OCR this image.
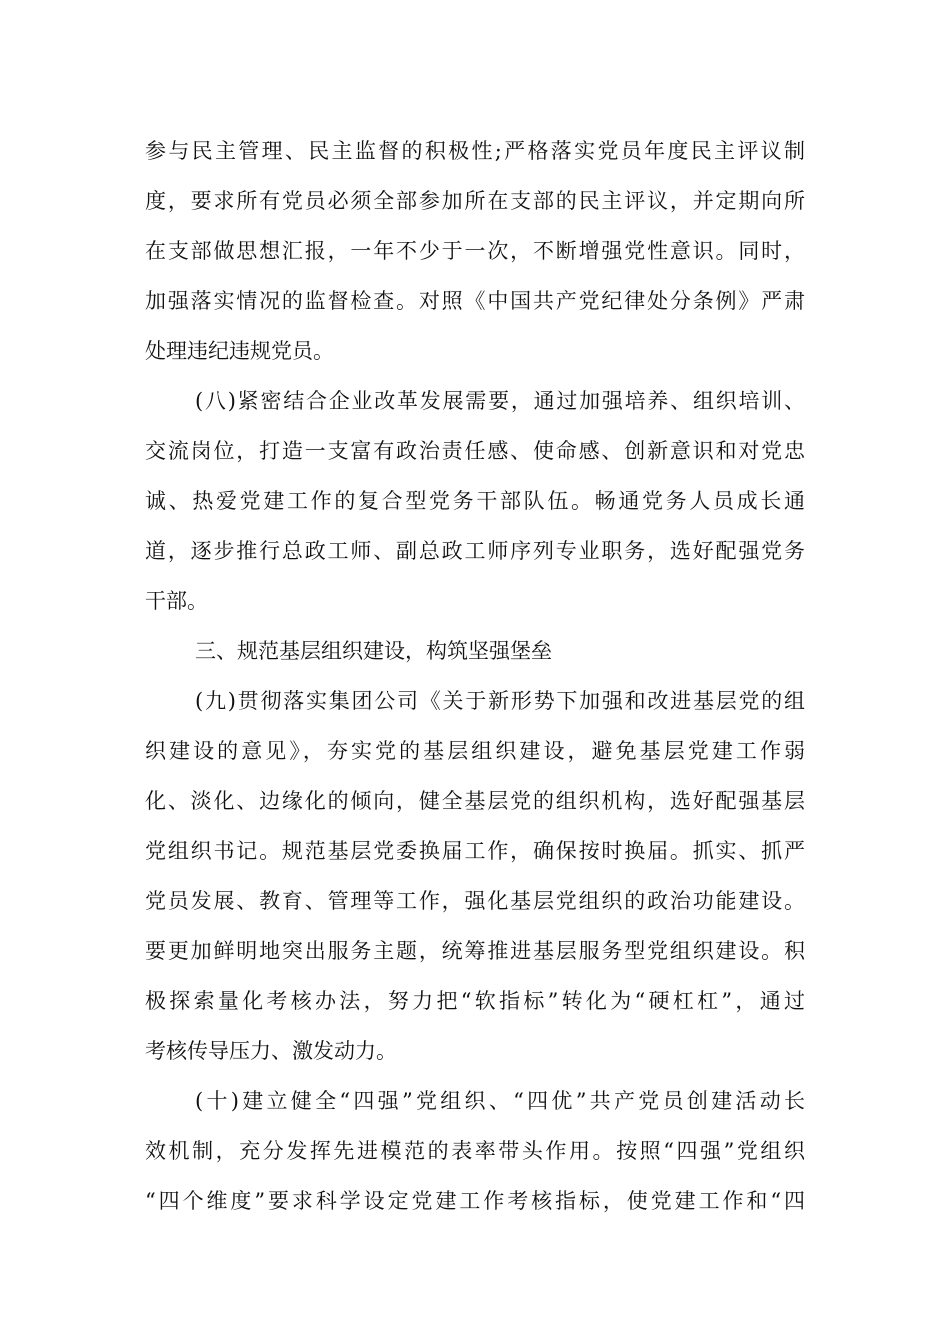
参与民主管理、民主监督的积极性;严格落实党员年度民主评议制
度，要求所有党员必须全部参加所在支部的民主评议，并定期向所
在支部做思想汇报，一年不少于一次，不断增强党性意识。同时，
加强落实情况的监督检查。对照《中国共产党纪律处分条例》严肃
处理违纪违规党员。
(八)紧密结合企业改革发展需要，通过加强培养、组织培训、
交流岗位，打造一支富有政治责任感、使命感、创新意识和对党忠
诚、热爱党建工作的复合型党务干部队伍。畅通党务人员成长通
道，逐步推行总政工师、副总政工师序列专业职务，选好配强党务
干部。
三、规范基层组织建设，构筑坚强堡垒
(九)贯彻落实集团公司《关于新形势下加强和改进基层党的组
织建设的意见》，夯实党的基层组织建设，避免基层党建工作弱
化、淡化、边缘化的倾向，健全基层党的组织机构，选好配强基层
党组织书记。规范基层党委换届工作，确保按时换届。抓实、抓严
党员发展、教育、管理等工作，强化基层党组织的政治功能建设。
要更加鲜明地突出服务主题，统筹推进基层服务型党组织建设。积
极探索量化考核办法，努力把“软指标”转化为“硬杠杠”，通过
考核传导压力、激发动力。
(十)建立健全“四强”党组织、“四优”共产党员创建活动长
效机制，充分发挥先进模范的表率带头作用。按照“四强”党组织
“四个维度”要求科学设定党建工作考核指标，使党建工作和“四
